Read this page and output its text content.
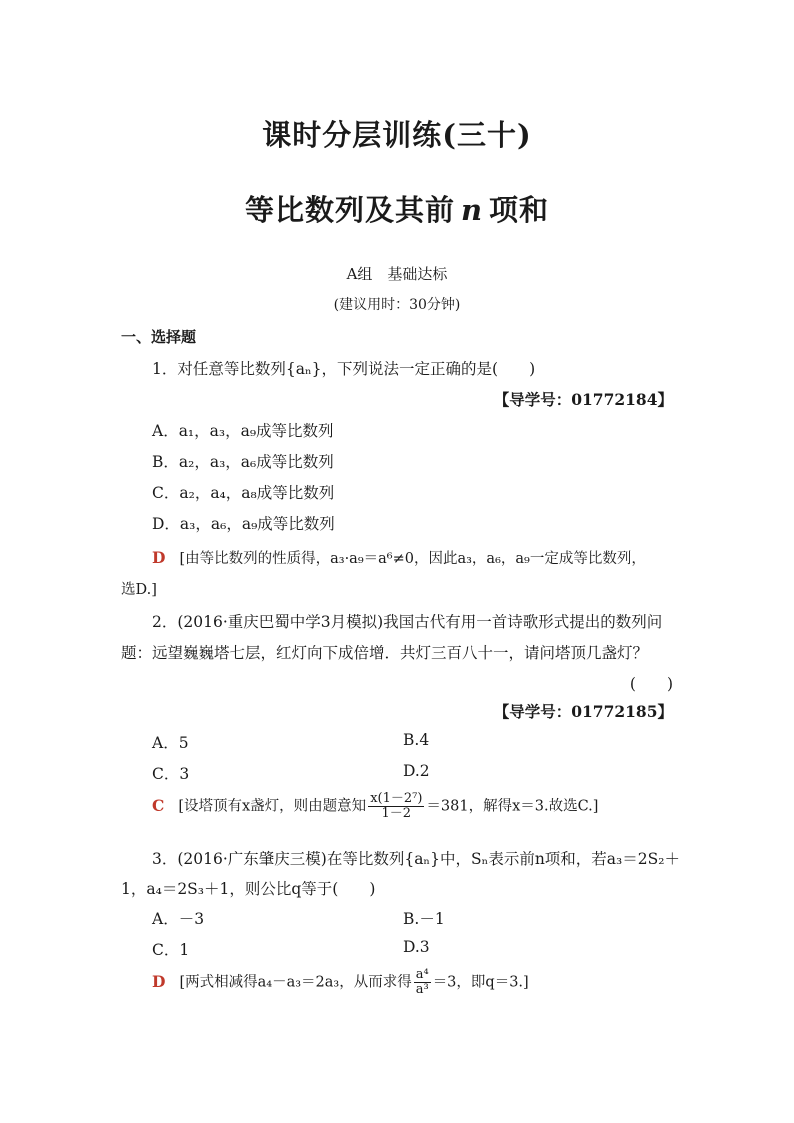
课时分层训练(三十)
等比数列及其前 n 项和
A组　基础达标
(建议用时：30分钟)
一、选择题
1．对任意等比数列{aₙ}，下列说法一定正确的是(　　)
【导学号：01772184】
A．a₁，a₃，a₉成等比数列
B．a₂，a₃，a₆成等比数列
C．a₂，a₄，a₈成等比数列
D．a₃，a₆，a₉成等比数列
D [由等比数列的性质得，a₃·a₉＝a⁶≠0，因此a₃，a₆，a₉一定成等比数列，
选D.]
2．(2016·重庆巴蜀中学3月模拟)我国古代有用一首诗歌形式提出的数列问
题：远望巍巍塔七层，红灯向下成倍增．共灯三百八十一，请问塔顶几盏灯？
(　　)
【导学号：01772185】
A．5	B.4
C．3	D.2
C [设塔顶有x盏灯，则由题意知 $\frac{\text{x(1－2⁷)}}{1-2} =381$，解得x＝3.故选C.]
3．(2016·广东肇庆三模)在等比数列{aₙ}中，Sₙ表示前n项和，若a₃＝2S₂＋
1，a₄＝2S₃＋1，则公比q等于(　　)
A．－3	B.－1
C．1	D.3
D [两式相减得a₄－a₃＝2a₃，从而求得 $\frac{\text{a⁴}}{\text{a³}} =3$，即q＝3.]
